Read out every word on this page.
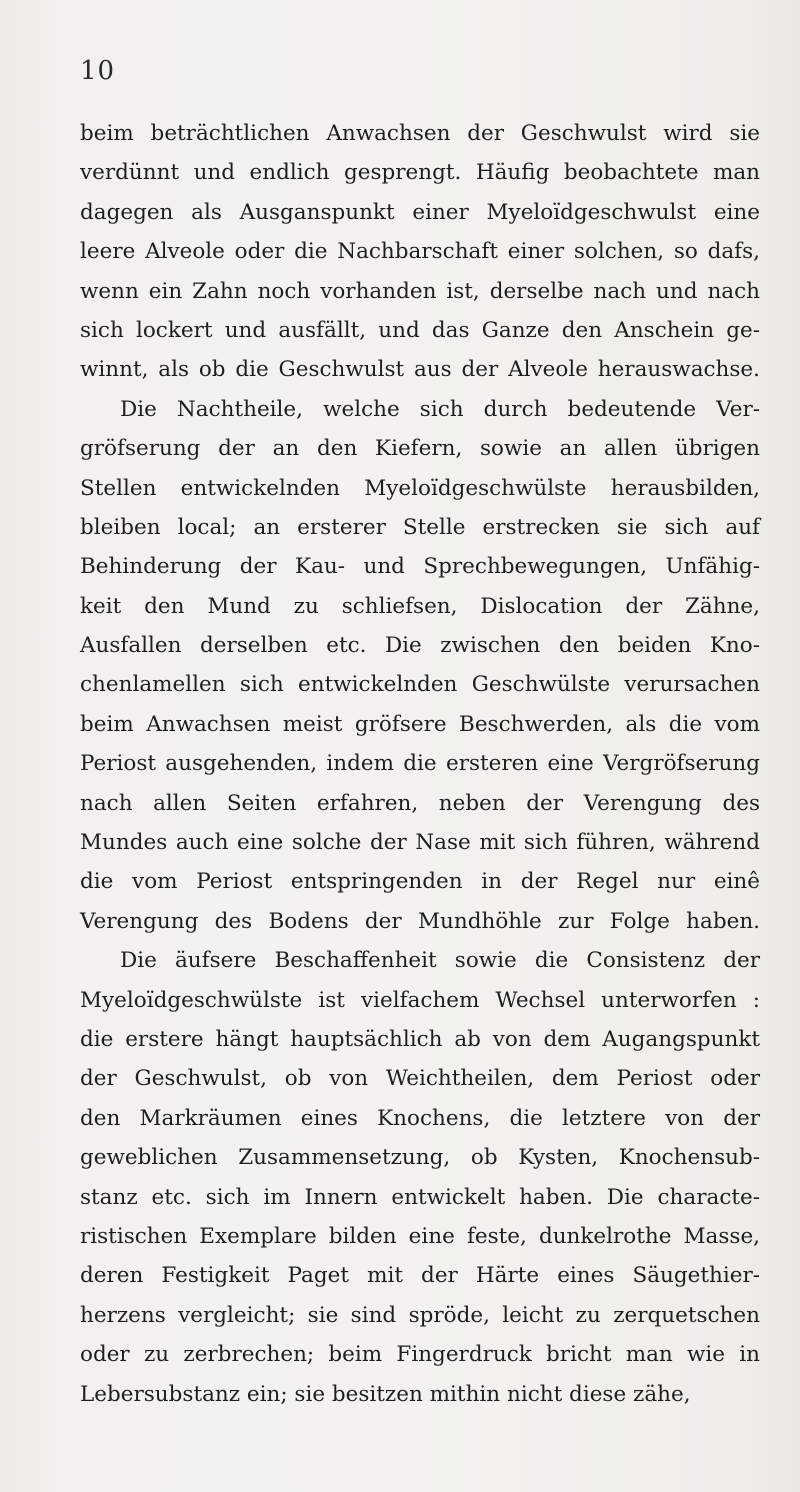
10
beim beträchtlichen Anwachsen der Geschwulst wird sie
verdünnt und endlich gesprengt. Häufig beobachtete man
dagegen als Ausganspunkt einer Myeloïdgeschwulst eine
leere Alveole oder die Nachbarschaft einer solchen, so dafs,
wenn ein Zahn noch vorhanden ist, derselbe nach und nach
sich lockert und ausfällt, und das Ganze den Anschein ge-
winnt, als ob die Geschwulst aus der Alveole herauswachse.
Die Nachtheile, welche sich durch bedeutende Ver-
gröfserung der an den Kiefern, sowie an allen übrigen
Stellen entwickelnden Myeloïdgeschwülste herausbilden,
bleiben local; an ersterer Stelle erstrecken sie sich auf
Behinderung der Kau- und Sprechbewegungen, Unfähig-
keit den Mund zu schliefsen, Dislocation der Zähne,
Ausfallen derselben etc. Die zwischen den beiden Kno-
chenlamellen sich entwickelnden Geschwülste verursachen
beim Anwachsen meist gröfsere Beschwerden, als die vom
Periost ausgehenden, indem die ersteren eine Vergröfserung
nach allen Seiten erfahren, neben der Verengung des
Mundes auch eine solche der Nase mit sich führen, während
die vom Periost entspringenden in der Regel nur einê
Verengung des Bodens der Mundhöhle zur Folge haben.
Die äufsere Beschaffenheit sowie die Consistenz der
Myeloïdgeschwülste ist vielfachem Wechsel unterworfen :
die erstere hängt hauptsächlich ab von dem Augangspunkt
der Geschwulst, ob von Weichtheilen, dem Periost oder
den Markräumen eines Knochens, die letztere von der
geweblichen Zusammensetzung, ob Kysten, Knochensub-
stanz etc. sich im Innern entwickelt haben. Die characte-
ristischen Exemplare bilden eine feste, dunkelrothe Masse,
deren Festigkeit Paget mit der Härte eines Säugethier-
herzens vergleicht; sie sind spröde, leicht zu zerquetschen
oder zu zerbrechen; beim Fingerdruck bricht man wie in
Lebersubstanz ein; sie besitzen mithin nicht diese zähe,
